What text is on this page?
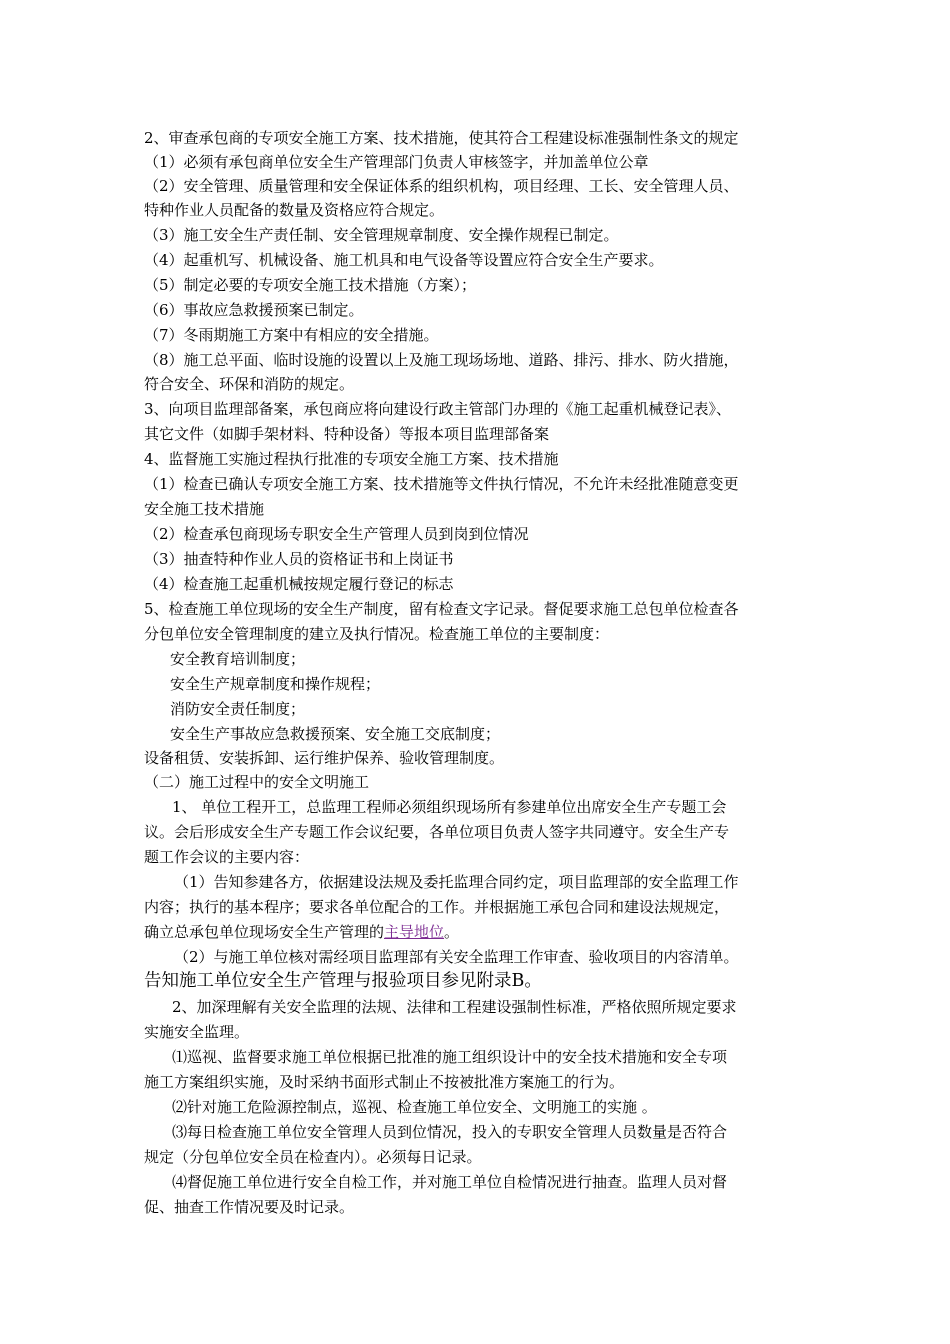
2、审查承包商的专项安全施工方案、技术措施，使其符合工程建设标准强制性条文的规定
（1）必须有承包商单位安全生产管理部门负责人审核签字，并加盖单位公章
（2）安全管理、质量管理和安全保证体系的组织机构，项目经理、工长、安全管理人员、
特种作业人员配备的数量及资格应符合规定。
（3）施工安全生产责任制、安全管理规章制度、安全操作规程已制定。
（4）起重机写、机械设备、施工机具和电气设备等设置应符合安全生产要求。
（5）制定必要的专项安全施工技术措施（方案）；
（6）事故应急救援预案已制定。
（7）冬雨期施工方案中有相应的安全措施。
（8）施工总平面、临时设施的设置以上及施工现场场地、道路、排污、排水、防火措施，
符合安全、环保和消防的规定。
3、向项目监理部备案，承包商应将向建设行政主管部门办理的《施工起重机械登记表》、
其它文件（如脚手架材料、特种设备）等报本项目监理部备案
4、监督施工实施过程执行批准的专项安全施工方案、技术措施
（1）检查已确认专项安全施工方案、技术措施等文件执行情况，不允许未经批准随意变更
安全施工技术措施
（2）检查承包商现场专职安全生产管理人员到岗到位情况
（3）抽查特种作业人员的资格证书和上岗证书
（4）检查施工起重机械按规定履行登记的标志
5、检查施工单位现场的安全生产制度，留有检查文字记录。督促要求施工总包单位检查各
分包单位安全管理制度的建立及执行情况。检查施工单位的主要制度：
安全教育培训制度；
安全生产规章制度和操作规程；
消防安全责任制度；
安全生产事故应急救援预案、安全施工交底制度；
设备租赁、安装拆卸、运行维护保养、验收管理制度。
（二）施工过程中的安全文明施工
1、 单位工程开工，总监理工程师必须组织现场所有参建单位出席安全生产专题工会
议。会后形成安全生产专题工作会议纪要，各单位项目负责人签字共同遵守。安全生产专
题工作会议的主要内容：
（1）告知参建各方，依据建设法规及委托监理合同约定，项目监理部的安全监理工作
内容；执行的基本程序；要求各单位配合的工作。并根据施工承包合同和建设法规规定，
确立总承包单位现场安全生产管理的主导地位。
（2）与施工单位核对需经项目监理部有关安全监理工作审查、验收项目的内容清单。
告知施工单位安全生产管理与报验项目参见附录B。
2、加深理解有关安全监理的法规、法律和工程建设强制性标准，严格依照所规定要求
实施安全监理。
⑴巡视、监督要求施工单位根据已批准的施工组织设计中的安全技术措施和安全专项
施工方案组织实施，及时采纳书面形式制止不按被批准方案施工的行为。
⑵针对施工危险源控制点，巡视、检查施工单位安全、文明施工的实施 。
⑶每日检查施工单位安全管理人员到位情况，投入的专职安全管理人员数量是否符合
规定（分包单位安全员在检查内）。必须每日记录。
⑷督促施工单位进行安全自检工作，并对施工单位自检情况进行抽查。监理人员对督
促、抽查工作情况要及时记录。
